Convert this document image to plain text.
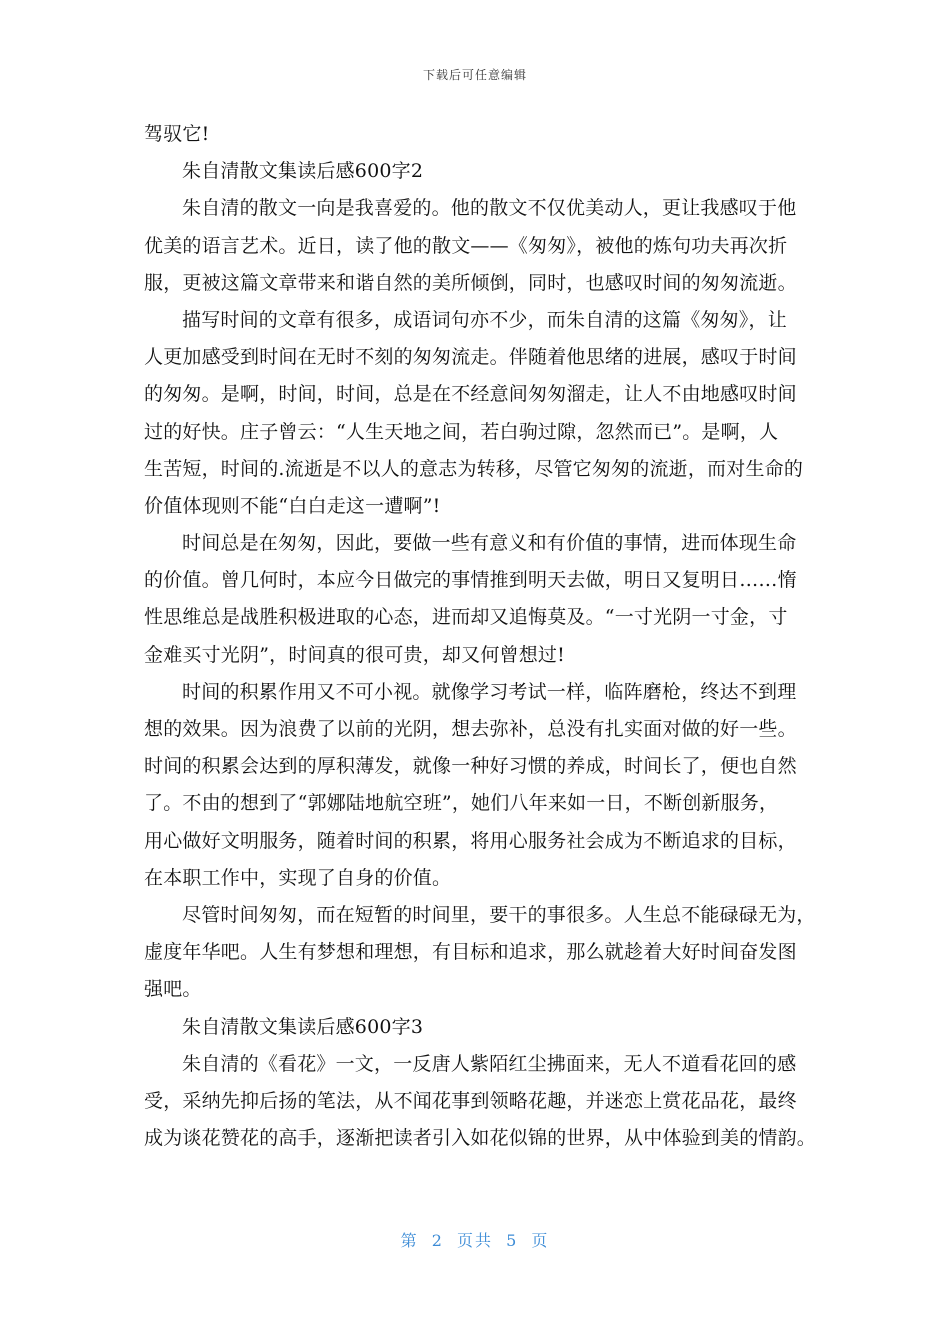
下载后可任意编辑
驾驭它!
朱自清散文集读后感600字2
朱自清的散文一向是我喜爱的。他的散文不仅优美动人，更让我感叹于他
优美的语言艺术。近日，读了他的散文——《匆匆》，被他的炼句功夫再次折
服，更被这篇文章带来和谐自然的美所倾倒，同时，也感叹时间的匆匆流逝。
描写时间的文章有很多，成语词句亦不少，而朱自清的这篇《匆匆》，让
人更加感受到时间在无时不刻的匆匆流走。伴随着他思绪的进展，感叹于时间
的匆匆。是啊，时间，时间，总是在不经意间匆匆溜走，让人不由地感叹时间
过的好快。庄子曾云：“人生天地之间，若白驹过隙，忽然而已”。是啊，人
生苦短，时间的.流逝是不以人的意志为转移，尽管它匆匆的流逝，而对生命的
价值体现则不能“白白走这一遭啊”!
时间总是在匆匆，因此，要做一些有意义和有价值的事情，进而体现生命
的价值。曾几何时，本应今日做完的事情推到明天去做，明日又复明日……惰
性思维总是战胜积极进取的心态，进而却又追悔莫及。“一寸光阴一寸金，寸
金难买寸光阴”，时间真的很可贵，却又何曾想过!
时间的积累作用又不可小视。就像学习考试一样，临阵磨枪，终达不到理
想的效果。因为浪费了以前的光阴，想去弥补，总没有扎实面对做的好一些。
时间的积累会达到的厚积薄发，就像一种好习惯的养成，时间长了，便也自然
了。不由的想到了“郭娜陆地航空班”，她们八年来如一日，不断创新服务，
用心做好文明服务，随着时间的积累，将用心服务社会成为不断追求的目标，
在本职工作中，实现了自身的价值。
尽管时间匆匆，而在短暂的时间里，要干的事很多。人生总不能碌碌无为，
虚度年华吧。人生有梦想和理想，有目标和追求，那么就趁着大好时间奋发图
强吧。
朱自清散文集读后感600字3
朱自清的《看花》一文，一反唐人紫陌红尘拂面来，无人不道看花回的感
受，采纳先抑后扬的笔法，从不闻花事到领略花趣，并迷恋上赏花品花，最终
成为谈花赞花的高手，逐渐把读者引入如花似锦的世界，从中体验到美的情韵。
第 2 页共 5 页
